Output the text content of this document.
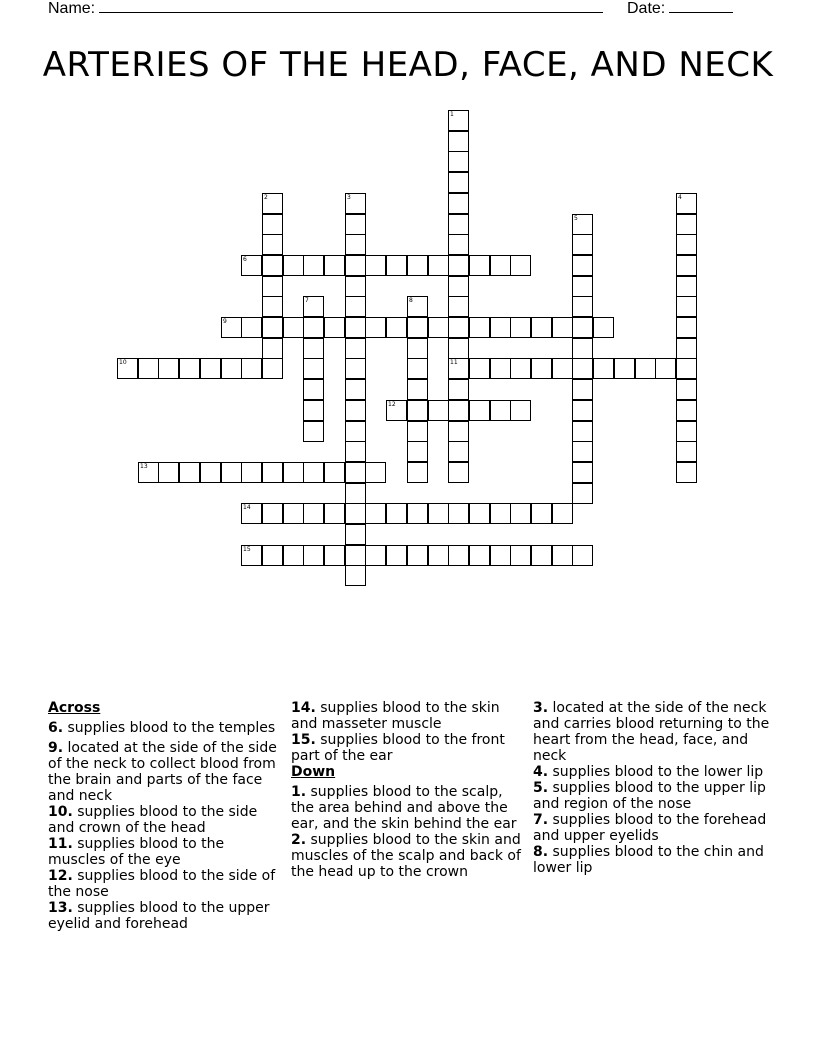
Name:	Date:
ARTERIES OF THE HEAD, FACE, AND NECK
1
11
2	3	4
5
6
7	8
9
10
12
13
14
15
Across
6. supplies blood to the temples
9. located at the side of the side of the neck to collect blood from the brain and parts of the face and neck
10. supplies blood to the side and crown of the head
11. supplies blood to the muscles of the eye
12. supplies blood to the side of the nose
13. supplies blood to the upper eyelid and forehead
14. supplies blood to the skin and masseter muscle
15. supplies blood to the front part of the ear
Down
1. supplies blood to the scalp, the area behind and above the ear, and the skin behind the ear
2. supplies blood to the skin and muscles of the scalp and back of the head up to the crown
3. located at the side of the neck and carries blood returning to the heart from the head, face, and neck
4. supplies blood to the lower lip
5. supplies blood to the upper lip and region of the nose
7. supplies blood to the forehead and upper eyelids
8. supplies blood to the chin and lower lip
